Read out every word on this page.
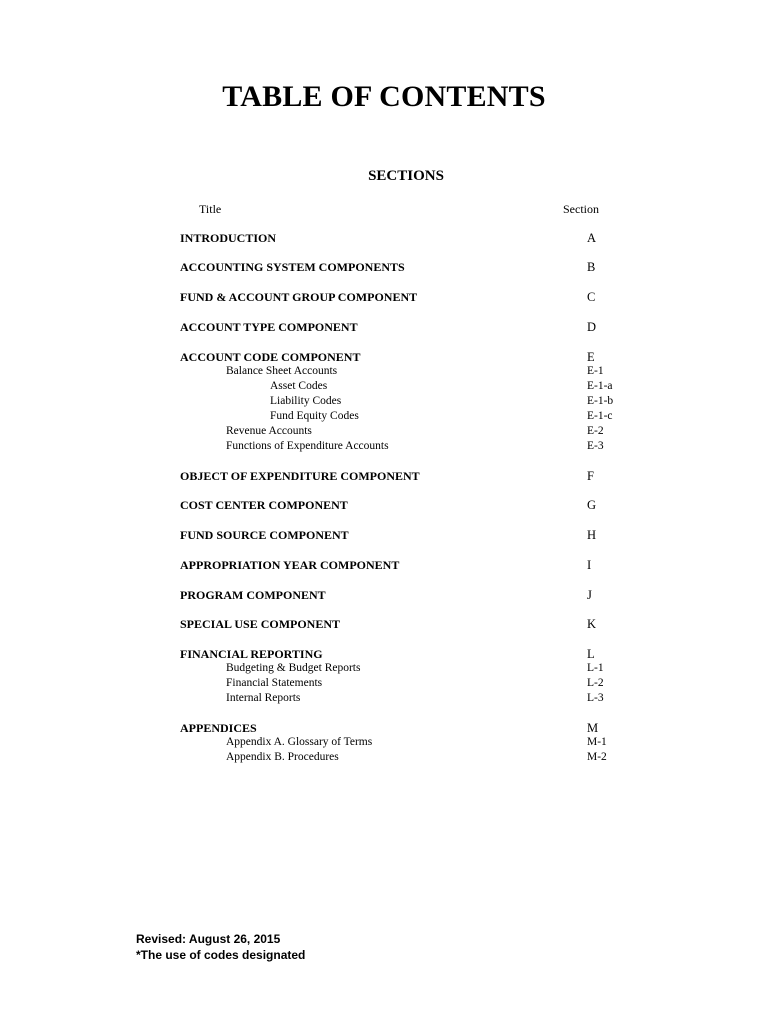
TABLE OF CONTENTS
SECTIONS
Title	Section
INTRODUCTION	A
ACCOUNTING SYSTEM COMPONENTS	B
FUND & ACCOUNT GROUP COMPONENT	C
ACCOUNT TYPE COMPONENT	D
ACCOUNT CODE COMPONENT	E
Balance Sheet Accounts	E-1
Asset Codes	E-1-a
Liability Codes	E-1-b
Fund Equity Codes	E-1-c
Revenue Accounts	E-2
Functions of Expenditure Accounts	E-3
OBJECT OF EXPENDITURE COMPONENT	F
COST CENTER COMPONENT	G
FUND SOURCE COMPONENT	H
APPROPRIATION YEAR COMPONENT	I
PROGRAM COMPONENT	J
SPECIAL USE COMPONENT	K
FINANCIAL REPORTING	L
Budgeting & Budget Reports	L-1
Financial Statements	L-2
Internal Reports	L-3
APPENDICES	M
Appendix A. Glossary of Terms	M-1
Appendix B. Procedures	M-2
Revised: August 26, 2015
*The use of codes designated
